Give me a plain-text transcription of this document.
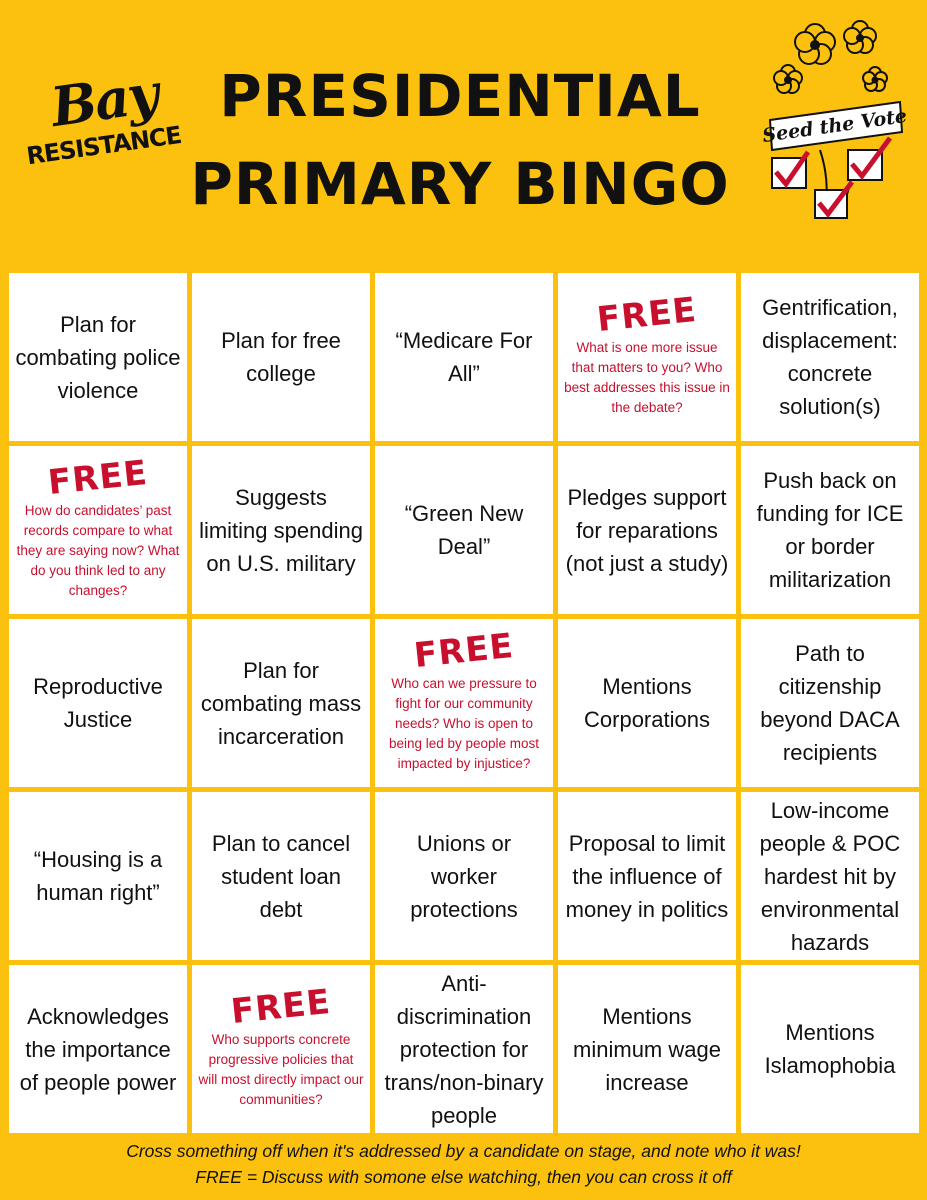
Bay
RESISTANCE
PRESIDENTIAL
PRIMARY BINGO
Seed the Vote
Plan for combating police violence
Plan for free college
“Medicare For All”
FREE
What is one more issue that matters to you? Who best addresses this issue in the debate?
Gentrification, displacement: concrete solution(s)
FREE
How do candidates’ past records compare to what they are saying now? What do you think led to any changes?
Suggests limiting spending on U.S. military
“Green New Deal”
Pledges support for reparations (not just a study)
Push back on funding for ICE or border militarization
Reproductive Justice
Plan for combating mass incarceration
FREE
Who can we pressure to fight for our community needs? Who is open to being led by people most impacted by injustice?
Mentions Corporations
Path to citizenship beyond DACA recipients
“Housing is a human right”
Plan to cancel student loan debt
Unions or worker protections
Proposal to limit the influence of money in politics
Low-income people & POC hardest hit by environmental hazards
Acknowledges the importance of people power
FREE
Who supports concrete progressive policies that will most directly impact our communities?
Anti-discrimination protection for trans/non-binary people
Mentions minimum wage increase
Mentions Islamophobia
Cross something off when it's addressed by a candidate on stage, and note who it was!
FREE = Discuss with somone else watching, then you can cross it off
